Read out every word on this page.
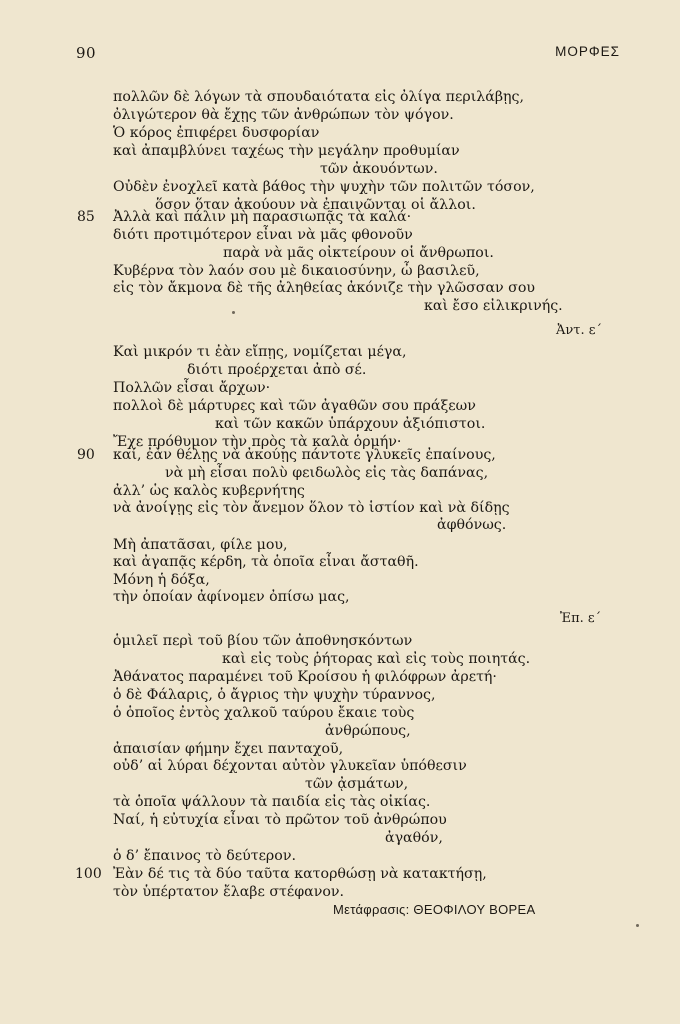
90	ΜΟΡΦΕΣ
πολλῶν δὲ λόγων τὰ σπουδαιότατα εἰς ὀλίγα περιλάβῃς,
ὀλιγώτερον θὰ ἔχῃς τῶν ἀνθρώπων τὸν ψόγον.
Ὁ κόρος ἐπιφέρει δυσφορίαν
καὶ ἀπαμβλύνει ταχέως τὴν μεγάλην προθυμίαν
τῶν ἀκουόντων.
Οὐδὲν ἐνοχλεῖ κατὰ βάθος τὴν ψυχὴν τῶν πολιτῶν τόσον,
ὅσον ὅταν ἀκούουν νὰ ἐπαινῶνται οἱ ἄλλοι.
85 Ἀλλὰ καὶ πάλιν μὴ παρασιωπᾷς τὰ καλά·
διότι προτιμότερον εἶναι νὰ μᾶς φθονοῦν
παρὰ νὰ μᾶς οἰκτείρουν οἱ ἄνθρωποι.
Κυβέρνα τὸν λαόν σου μὲ δικαιοσύνην, ὦ βασιλεῦ,
εἰς τὸν ἄκμονα δὲ τῆς ἀληθείας ἀκόνιζε τὴν γλῶσσαν σου
καὶ ἔσο εἰλικρινής.
Ἀντ. ε΄
Καὶ μικρόν τι ἐὰν εἴπῃς, νομίζεται μέγα,
διότι προέρχεται ἀπὸ σέ.
Πολλῶν εἶσαι ἄρχων·
πολλοὶ δὲ μάρτυρες καὶ τῶν ἀγαθῶν σου πράξεων
καὶ τῶν κακῶν ὑπάρχουν ἀξιόπιστοι.
Ἔχε πρόθυμον τὴν πρὸς τὰ καλὰ ὁρμήν·
90 καί, ἐὰν θέλῃς νὰ ἀκούῃς πάντοτε γλυκεῖς ἐπαίνους,
νὰ μὴ εἶσαι πολὺ φειδωλὸς εἰς τὰς δαπάνας,
ἀλλ’ ὡς καλὸς κυβερνήτης
νὰ ἀνοίγῃς εἰς τὸν ἄνεμον ὅλον τὸ ἱστίον καὶ νὰ δίδῃς
ἀφθόνως.
Μὴ ἀπατᾶσαι, φίλε μου,
καὶ ἀγαπᾷς κέρδη, τὰ ὁποῖα εἶναι ἄσταθῆ.
Μόνη ἡ δόξα,
τὴν ὁποίαν ἀφίνομεν ὀπίσω μας,
Ἐπ. ε΄
ὁμιλεῖ περὶ τοῦ βίου τῶν ἀποθνησκόντων
καὶ εἰς τοὺς ῥήτορας καὶ εἰς τοὺς ποιητάς.
Ἀθάνατος παραμένει τοῦ Κροίσου ἡ φιλόφρων ἀρετή·
ὁ δὲ Φάλαρις, ὁ ἄγριος τὴν ψυχὴν τύραννος,
ὁ ὁποῖος ἐντὸς χαλκοῦ ταύρου ἔκαιε τοὺς
ἀνθρώπους,
ἀπαισίαν φήμην ἔχει πανταχοῦ,
οὐδ’ αἱ λύραι δέχονται αὐτὸν γλυκεῖαν ὑπόθεσιν
τῶν ᾀσμάτων,
τὰ ὁποῖα ψάλλουν τὰ παιδία εἰς τὰς οἰκίας.
Ναί, ἡ εὐτυχία εἶναι τὸ πρῶτον τοῦ ἀνθρώπου
ἀγαθόν,
ὁ δ’ ἔπαινος τὸ δεύτερον.
100 Ἐὰν δέ τις τὰ δύο ταῦτα κατορθώσῃ νὰ κατακτήσῃ,
τὸν ὑπέρτατον ἔλαβε στέφανον.
Μετάφρασις: ΘΕΟΦΙΛΟΥ ΒΟΡΕΑ
